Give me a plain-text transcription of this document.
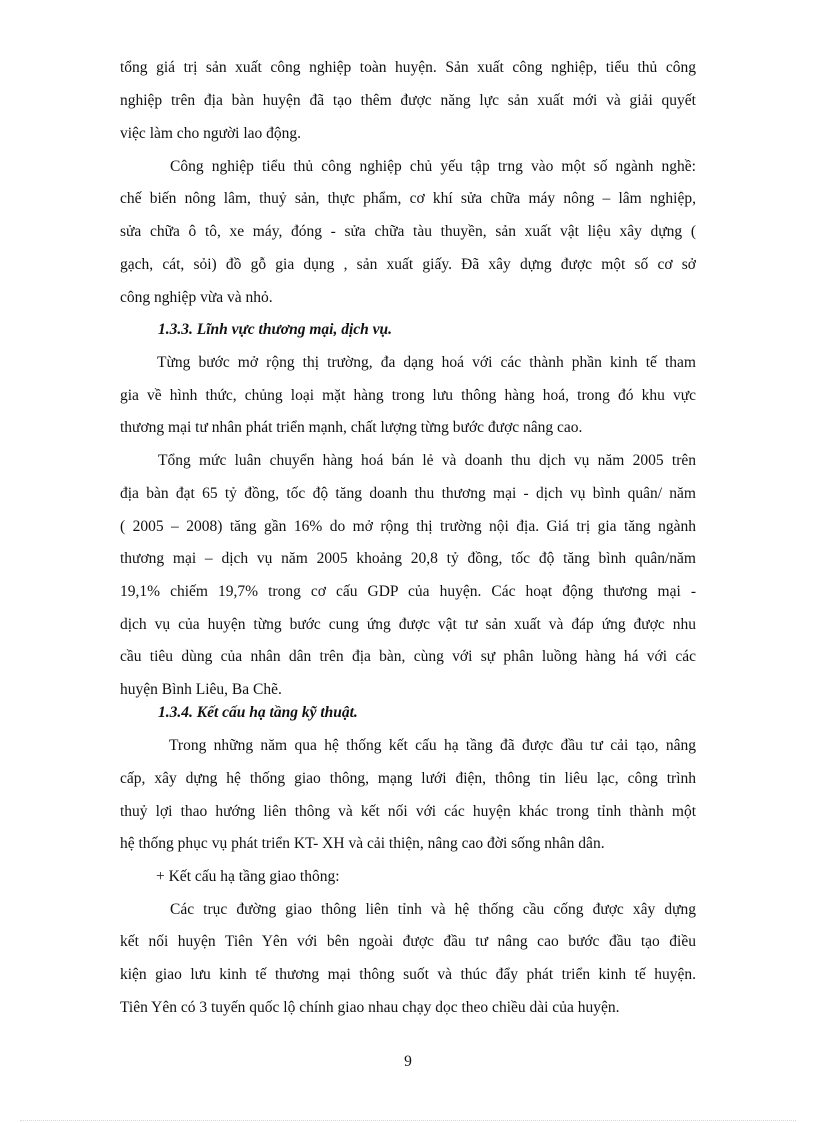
tổng giá trị sản xuất công nghiệp toàn huyện. Sản xuất công nghiệp, tiểu thủ công
nghiệp trên địa bàn huyện đã tạo thêm được năng lực sản xuất mới và giải quyết
việc làm cho người lao động.
Công nghiệp tiểu thủ công nghiệp chủ yếu tập trng vào một số ngành nghề:
chế biến nông lâm, thuỷ sản, thực phẩm, cơ khí sửa chữa máy nông – lâm nghiệp,
sửa chữa ô tô, xe máy, đóng - sửa chữa tàu thuyền, sản xuất vật liệu xây dựng (
gạch, cát, sỏi) đồ gỗ gia dụng , sản xuất giấy. Đã xây dựng được một số cơ sở
công nghiệp vừa và nhỏ.
1.3.3. Lĩnh vực thương mại, dịch vụ.
Từng bước mở rộng thị trường, đa dạng hoá với các thành phần kinh tế tham
gia về hình thức, chủng loại mặt hàng trong lưu thông hàng hoá, trong đó khu vực
thương mại tư nhân phát triển mạnh, chất lượng từng bước được nâng cao.
Tổng mức luân chuyển hàng hoá bán lẻ và doanh thu dịch vụ năm 2005 trên
địa bàn đạt 65 tỷ đồng, tốc độ tăng doanh thu thương mại - dịch vụ bình quân/ năm
( 2005 – 2008) tăng gần 16% do mở rộng thị trường nội địa. Giá trị gia tăng ngành
thương mại – dịch vụ năm 2005 khoảng 20,8 tỷ đồng, tốc độ tăng bình quân/năm
19,1% chiếm 19,7% trong cơ cấu GDP của huyện. Các hoạt động thương mại -
dịch vụ của huyện từng bước cung ứng được vật tư sản xuất và đáp ứng được nhu
cầu tiêu dùng của nhân dân trên địa bàn, cùng với sự phân luồng hàng há với các
huyện Bình Liêu, Ba Chẽ.
1.3.4. Kết cấu hạ tầng kỹ thuật.
Trong những năm qua hệ thống kết cấu hạ tầng đã được đầu tư cải tạo, nâng
cấp, xây dựng hệ thống giao thông, mạng lưới điện, thông tin liêu lạc, công trình
thuỷ lợi thao hướng liên thông và kết nối với các huyện khác trong tỉnh thành một
hệ thống phục vụ phát triển KT- XH và cải thiện, nâng cao đời sống nhân dân.
+ Kết cấu hạ tầng giao thông:
Các trục đường giao thông liên tỉnh và hệ thống cầu cống được xây dựng
kết nối huyện Tiên Yên với bên ngoài được đầu tư nâng cao bước đầu tạo điều
kiện giao lưu kinh tế thương mại thông suốt và thúc đẩy phát triển kinh tế huyện.
Tiên Yên có 3 tuyến quốc lộ chính giao nhau chạy dọc theo chiều dài của huyện.
9
